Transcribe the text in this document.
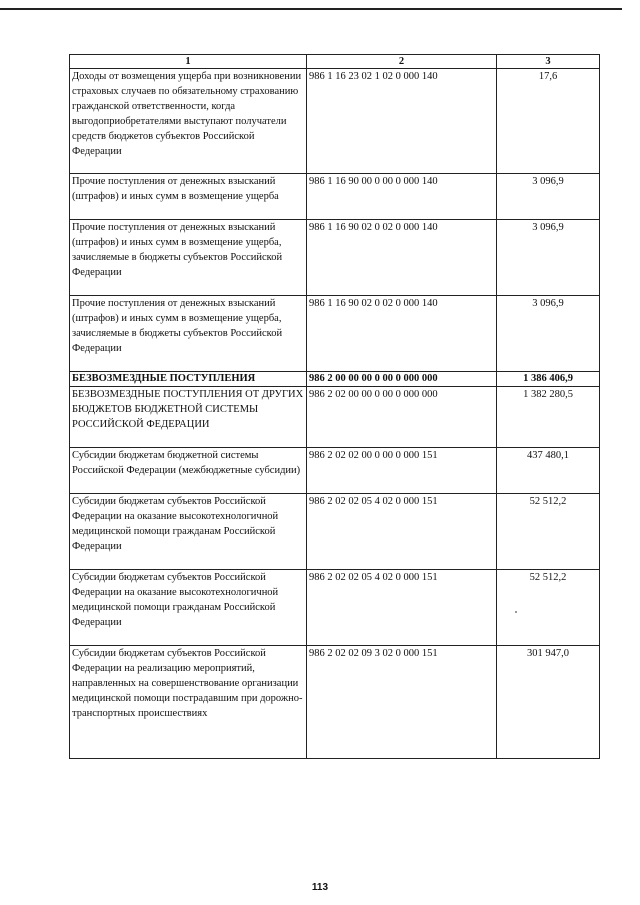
1	2	3
Доходы от возмещения ущерба при возникновении страховых случаев по обязательному страхованию гражданской ответственности, когда выгодоприобретателями выступают получатели средств бюджетов субъектов Российской Федерации	986 1 16 23 02 1 02 0 000 140	17,6
Прочие поступления от денежных взысканий (штрафов) и иных сумм в возмещение ущерба	986 1 16 90 00 0 00 0 000 140	3 096,9
Прочие поступления от денежных взысканий (штрафов) и иных сумм в возмещение ущерба, зачисляемые в бюджеты субъектов Российской Федерации	986 1 16 90 02 0 02 0 000 140	3 096,9
Прочие поступления от денежных взысканий (штрафов) и иных сумм в возмещение ущерба, зачисляемые в бюджеты субъектов Российской Федерации	986 1 16 90 02 0 02 0 000 140	3 096,9
БЕЗВОЗМЕЗДНЫЕ ПОСТУПЛЕНИЯ	986 2 00 00 00 0 00 0 000 000	1 386 406,9
БЕЗВОЗМЕЗДНЫЕ ПОСТУПЛЕНИЯ ОТ ДРУГИХ БЮДЖЕТОВ БЮДЖЕТНОЙ СИСТЕМЫ РОССИЙСКОЙ ФЕДЕРАЦИИ	986 2 02 00 00 0 00 0 000 000	1 382 280,5
Субсидии бюджетам бюджетной системы Российской Федерации (межбюджетные субсидии)	986 2 02 02 00 0 00 0 000 151	437 480,1
Субсидии бюджетам субъектов Российской Федерации на оказание высокотехнологичной медицинской помощи гражданам Российской Федерации	986 2 02 02 05 4 02 0 000 151	52 512,2
Субсидии бюджетам субъектов Российской Федерации на оказание высокотехнологичной медицинской помощи гражданам Российской Федерации	986 2 02 02 05 4 02 0 000 151	52 512,2
Субсидии бюджетам субъектов Российской Федерации на реализацию мероприятий, направленных на совершенствование организации медицинской помощи пострадавшим при дорожно-транспортных происшествиях	986 2 02 02 09 3 02 0 000 151	301 947,0
113
